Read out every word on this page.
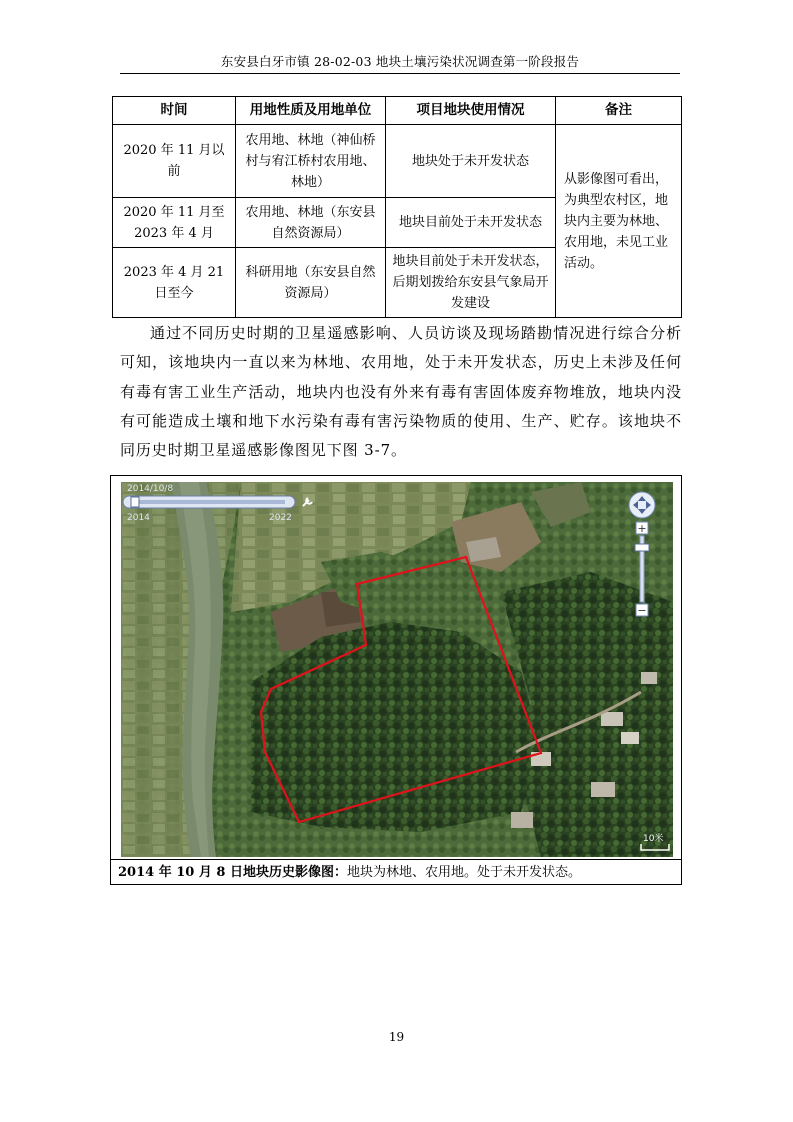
东安县白牙市镇 28-02-03 地块土壤污染状况调查第一阶段报告
时间	用地性质及用地单位	项目地块使用情况	备注
2020 年 11 月以前	农用地、林地（神仙桥村与宥江桥村农用地、林地）	地块处于未开发状态	从影像图可看出，为典型农村区，地块内主要为林地、农用地，未见工业活动。
2020 年 11 月至 2023 年 4 月	农用地、林地（东安县自然资源局）	地块目前处于未开发状态	
2023 年 4 月 21 日至今	科研用地（东安县自然资源局）	地块目前处于未开发状态，后期划拨给东安县气象局开发建设	
通过不同历史时期的卫星遥感影响、人员访谈及现场踏勘情况进行综合分析可知，该地块内一直以来为林地、农用地，处于未开发状态，历史上未涉及任何有毒有害工业生产活动，地块内也没有外来有毒有害固体废弃物堆放，地块内没有可能造成土壤和地下水污染有毒有害污染物质的使用、生产、贮存。该地块不同历史时期卫星遥感影像图见下图 3-7。
2014/10/8
2014	2022
+
−
10米
2014 年 10 月 8 日地块历史影像图：地块为林地、农用地。处于未开发状态。
19
